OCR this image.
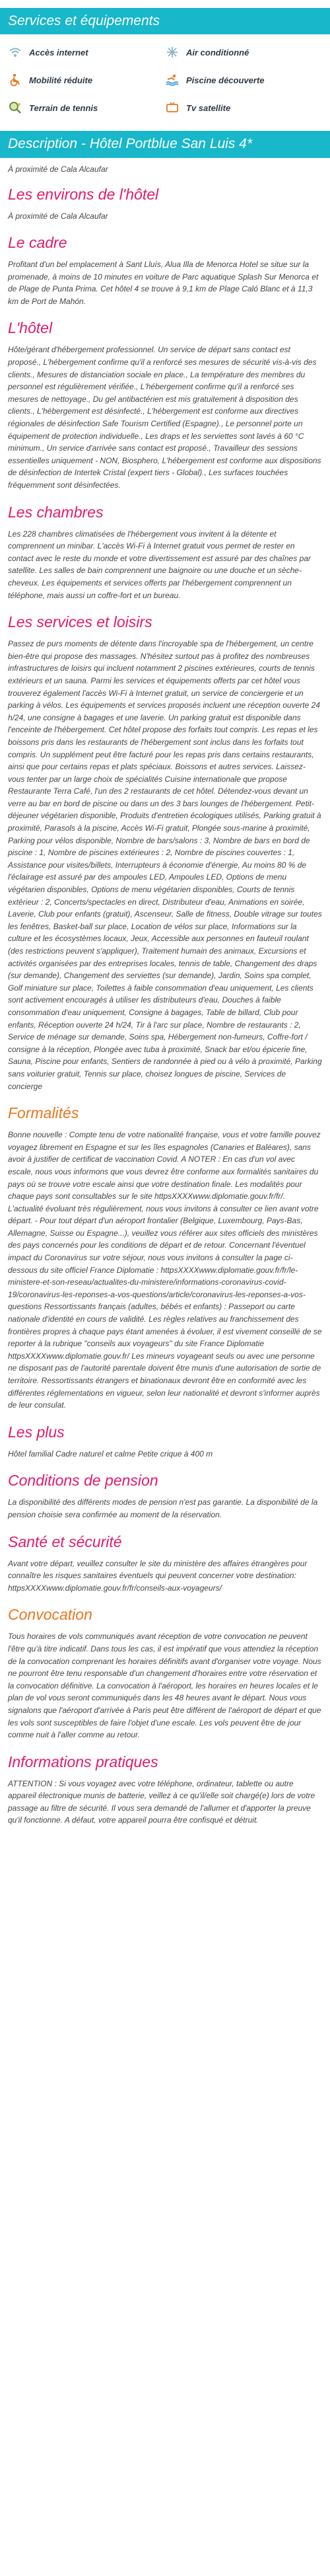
Services et équipements
Accès internet	Air conditionné
Mobilité réduite	Piscine découverte
Terrain de tennis	Tv satellite
Description - Hôtel Portblue San Luis 4*
À proximité de Cala Alcaufar
Les environs de l'hôtel

À proximité de Cala Alcaufar

Le cadre

Profitant d'un bel emplacement à Sant Lluís, Alua Illa de Menorca Hotel se situe sur la promenade, à moins de 10 minutes en voiture de Parc aquatique Splash Sur Menorca et de Plage de Punta Prima. Cet hôtel 4 se trouve à 9,1 km de Plage Caló Blanc et à 11,3 km de Port de Mahón.

L'hôtel

Hôte/gérant d'hébergement professionnel. Un service de départ sans contact est proposé., L'hébergement confirme qu'il a renforcé ses mesures de sécurité vis-à-vis des clients., Mesures de distanciation sociale en place., La température des membres du personnel est régulièrement vérifiée., L'hébergement confirme qu'il a renforcé ses mesures de nettoyage., Du gel antibactérien est mis gratuitement à disposition des clients., L'hébergement est désinfecté., L'hébergement est conforme aux directives régionales de désinfection Safe Tourism Certified (Espagne)., Le personnel porte un équipement de protection individuelle., Les draps et les serviettes sont lavés à 60 °C minimum., Un service d'arrivée sans contact est proposé., Travailleur des sessions essentielles uniquement - NON, Biosphero, L'hébergement est conforme aux dispositions de désinfection de Intertek Cristal (expert tiers - Global)., Les surfaces touchées fréquemment sont désinfectées.

Les chambres

Les 228 chambres climatisées de l'hébergement vous invitent à la détente et comprennent un minibar. L'accès Wi-Fi à Internet gratuit vous permet de rester en contact avec le reste du monde et votre divertissement est assuré par des chaînes par satellite. Les salles de bain comprennent une baignoire ou une douche et un sèche-cheveux. Les équipements et services offerts par l'hébergement comprennent un téléphone, mais aussi un coffre-fort et un bureau.

Les services et loisirs

Passez de purs moments de détente dans l'incroyable spa de l'hébergement, un centre bien-être qui propose des massages. N'hésitez surtout pas à profitez des nombreuses infrastructures de loisirs qui incluent notamment 2 piscines extérieures, courts de tennis extérieurs et un sauna. Parmi les services et équipements offerts par cet hôtel vous trouverez également l'accès Wi-Fi à Internet gratuit, un service de conciergerie et un parking à vélos. Les équipements et services proposés incluent une réception ouverte 24 h/24, une consigne à bagages et une laverie. Un parking gratuit est disponible dans l'enceinte de l'hébergement. Cet hôtel propose des forfaits tout compris. Les repas et les boissons pris dans les restaurants de l'hébergement sont inclus dans les forfaits tout compris. Un supplément peut être facturé pour les repas pris dans certains restaurants, ainsi que pour certains repas et plats spéciaux. Boissons et autres services. Laissez-vous tenter par un large choix de spécialités Cuisine internationale que propose Restaurante Terra Café, l'un des 2 restaurants de cet hôtel. Détendez-vous devant un verre au bar en bord de piscine ou dans un des 3 bars lounges de l'hébergement. Petit-déjeuner végétarien disponible, Produits d'entretien écologiques utilisés, Parking gratuit à proximité, Parasols à la piscine, Accès Wi-Fi gratuit, Plongée sous-marine à proximité, Parking pour vélos disponible, Nombre de bars/salons : 3, Nombre de bars en bord de piscine : 1, Nombre de piscines extérieures : 2, Nombre de piscines couvertes : 1, Assistance pour visites/billets, Interrupteurs à économie d'énergie, Au moins 80 % de l'éclairage est assuré par des ampoules LED, Ampoules LED, Options de menu végétarien disponibles, Options de menu végétarien disponibles, Courts de tennis extérieur : 2, Concerts/spectacles en direct, Distributeur d'eau, Animations en soirée, Laverie, Club pour enfants (gratuit), Ascenseur, Salle de fitness, Double vitrage sur toutes les fenêtres, Basket-ball sur place, Location de vélos sur place, Informations sur la culture et les écosystèmes locaux, Jeux, Accessible aux personnes en fauteuil roulant (des restrictions peuvent s'appliquer), Traitement humain des animaux, Excursions et activités organisées par des entreprises locales, tennis de table, Changement des draps (sur demande), Changement des serviettes (sur demande), Jardin, Soins spa complet, Golf miniature sur place, Toilettes à faible consommation d'eau uniquement, Les clients sont activement encouragés à utiliser les distributeurs d'eau, Douches à faible consommation d'eau uniquement, Consigne à bagages, Table de billard, Club pour enfants, Réception ouverte 24 h/24, Tir à l'arc sur place, Nombre de restaurants : 2, Service de ménage sur demande, Soins spa, Hébergement non-fumeurs, Coffre-fort / consigne à la réception, Plongée avec tuba à proximité, Snack bar et/ou épicerie fine, Sauna, Piscine pour enfants, Sentiers de randonnée à pied ou à vélo à proximité, Parking sans voiturier gratuit, Tennis sur place, choisez longues de piscine, Services de concierge

Formalités

Bonne nouvelle : Compte tenu de votre nationalité française, vous et votre famille pouvez voyagez librement en Espagne et sur les îles espagnoles (Canaries et Baléares), sans avoir à justifier de certificat de vaccination Covid. A NOTER : En cas d'un vol avec escale, nous vous informons que vous devrez être conforme aux formalités sanitaires du pays où se trouve votre escale ainsi que votre destination finale. Les modalités pour chaque pays sont consultables sur le site httpsXXXXwww.diplomatie.gouv.fr/fr/. L'actualité évoluant très régulièrement, nous vous invitons à consulter ce lien avant votre départ. - Pour tout départ d'un aéroport frontalier (Belgique, Luxembourg, Pays-Bas, Allemagne, Suisse ou Espagne...), veuillez vous référer aux sites officiels des ministères des pays concernés pour les conditions de départ et de retour. Concernant l'éventuel impact du Coronavirus sur votre séjour, nous vous invitons à consulter la page ci-dessous du site officiel France Diplomatie : httpsXXXXwww.diplomatie.gouv.fr/fr/le-ministere-et-son-reseau/actualites-du-ministere/informations-coronavirus-covid-19/coronavirus-les-reponses-a-vos-questions/article/coronavirus-les-reponses-a-vos-questions Ressortissants français (adultes, bébés et enfants) : Passeport ou carte nationale d'identité en cours de validité. Les règles relatives au franchissement des frontières propres à chaque pays étant amenées à évoluer, il est vivement conseillé de se reporter à la rubrique "conseils aux voyageurs" du site France Diplomatie httpsXXXXwww.diplomatie.gouv.fr/ Les mineurs voyageant seuls ou avec une personne ne disposant pas de l'autorité parentale doivent être munis d'une autorisation de sortie de territoire. Ressortissants étrangers et binationaux devront être en conformité avec les différentes réglementations en vigueur, selon leur nationalité et devront s'informer auprès de leur consulat.

Les plus

Hôtel familial Cadre naturel et calme Petite crique à 400 m

Conditions de pension

La disponibilité des différents modes de pension n'est pas garantie. La disponibilité de la pension choisie sera confirmée au moment de la réservation.

Santé et sécurité

Avant votre départ, veuillez consulter le site du ministère des affaires étrangères pour connaître les risques sanitaires éventuels qui peuvent concerner votre destination: httpsXXXXwww.diplomatie.gouv.fr/fr/conseils-aux-voyageurs/

Convocation

Tous horaires de vols communiqués avant réception de votre convocation ne peuvent l'être qu'à titre indicatif. Dans tous les cas, il est impératif que vous attendiez la réception de la convocation comprenant les horaires définitifs avant d'organiser votre voyage. Nous ne pourront être tenu responsable d'un changement d'horaires entre votre réservation et la convocation définitive. La convocation à l'aéroport, les horaires en heures locales et le plan de vol vous seront communiqués dans les 48 heures avant le départ. Nous vous signalons que l'aéroport d'arrivée à Paris peut être différent de l'aéroport de départ et que les vols sont susceptibles de faire l'objet d'une escale. Les vols peuvent être de jour comme nuit à l'aller comme au retour.

Informations pratiques

ATTENTION : Si vous voyagez avec votre téléphone, ordinateur, tablette ou autre appareil électronique munis de batterie, veillez à ce qu'il/elle soit chargé(e) lors de votre passage au filtre de sécurité. Il vous sera demandé de l'allumer et d'apporter la preuve qu'il fonctionne. A défaut, votre appareil pourra être confisqué et détruit.
